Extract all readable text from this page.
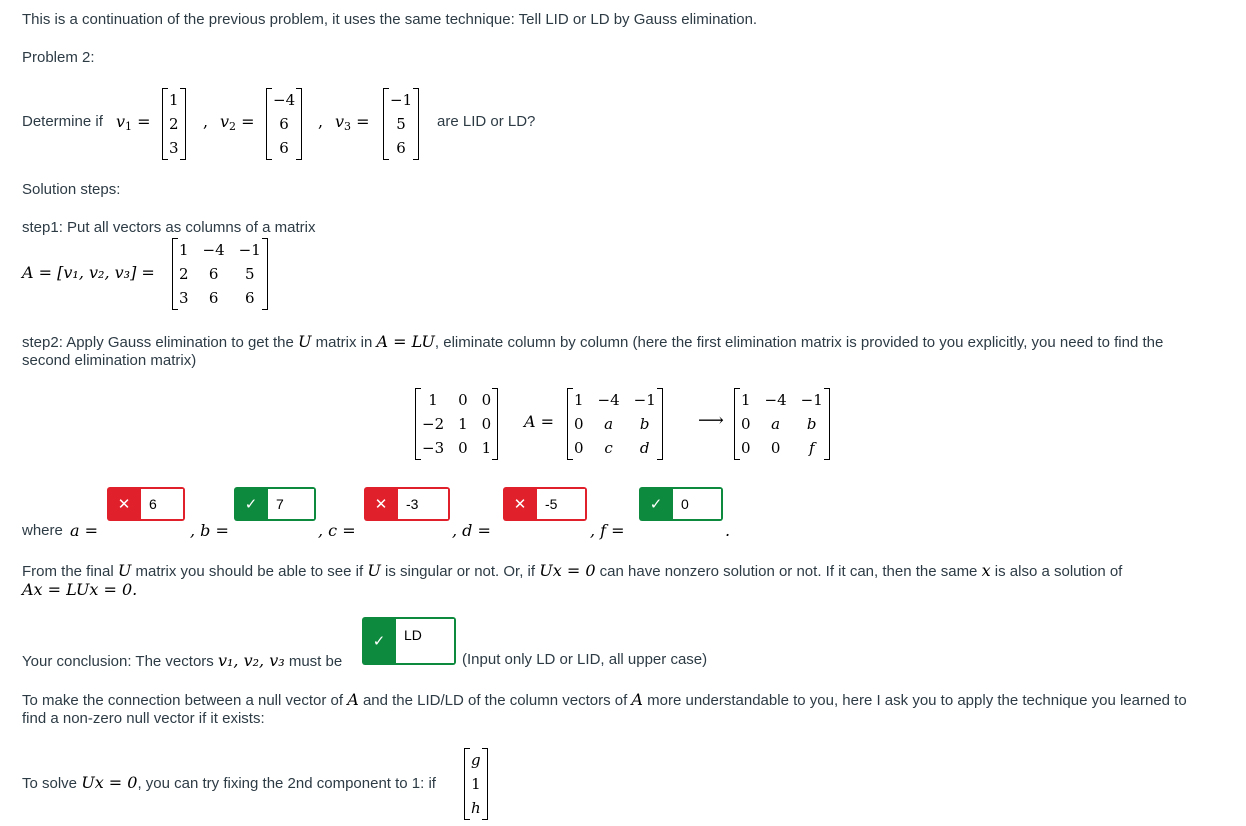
This is a continuation of the previous problem, it uses the same technique: Tell LID or LD by Gauss elimination.
Problem 2:
Determine if $v_1$ =
1
2
3
, $v_2$ =
−4
6
6
, $v_3$ =
−1
5
6
are LID or LD?
Solution steps:
step1: Put all vectors as columns of a matrix
A = [v₁, v₂, v₃] =
1 −4 −1
2	6	5
3	6	6
step2: Apply Gauss elimination to get the U matrix in A = LU, eliminate column by column (here the first elimination matrix is provided to you explicitly, you need to find the
second elimination matrix)
1	0 0
−2 1 0
−3 0 1
A =
1 −4 −1
0	a	b
0	c	d
⟶
1 −4 −1
0	a	b
0	0	f
where a =
✕	6
, b =
✓	7
, c =
✕	-3
, d =
✕	-5
, f =
✓	0
.
From the final U matrix you should be able to see if U is singular or not. Or, if Ux = 0 can have nonzero solution or not. If it can, then the same x is also a solution of
Ax = LUx = 0.
Your conclusion: The vectors v₁, v₂, v₃ must be
✓	LD
(Input only LD or LID, all upper case)
To make the connection between a null vector of A and the LID/LD of the column vectors of A more understandable to you, here I ask you to apply the technique you learned to
find a non-zero null vector if it exists:
To solve Ux = 0, you can try fixing the 2nd component to 1: if
g
1
h
